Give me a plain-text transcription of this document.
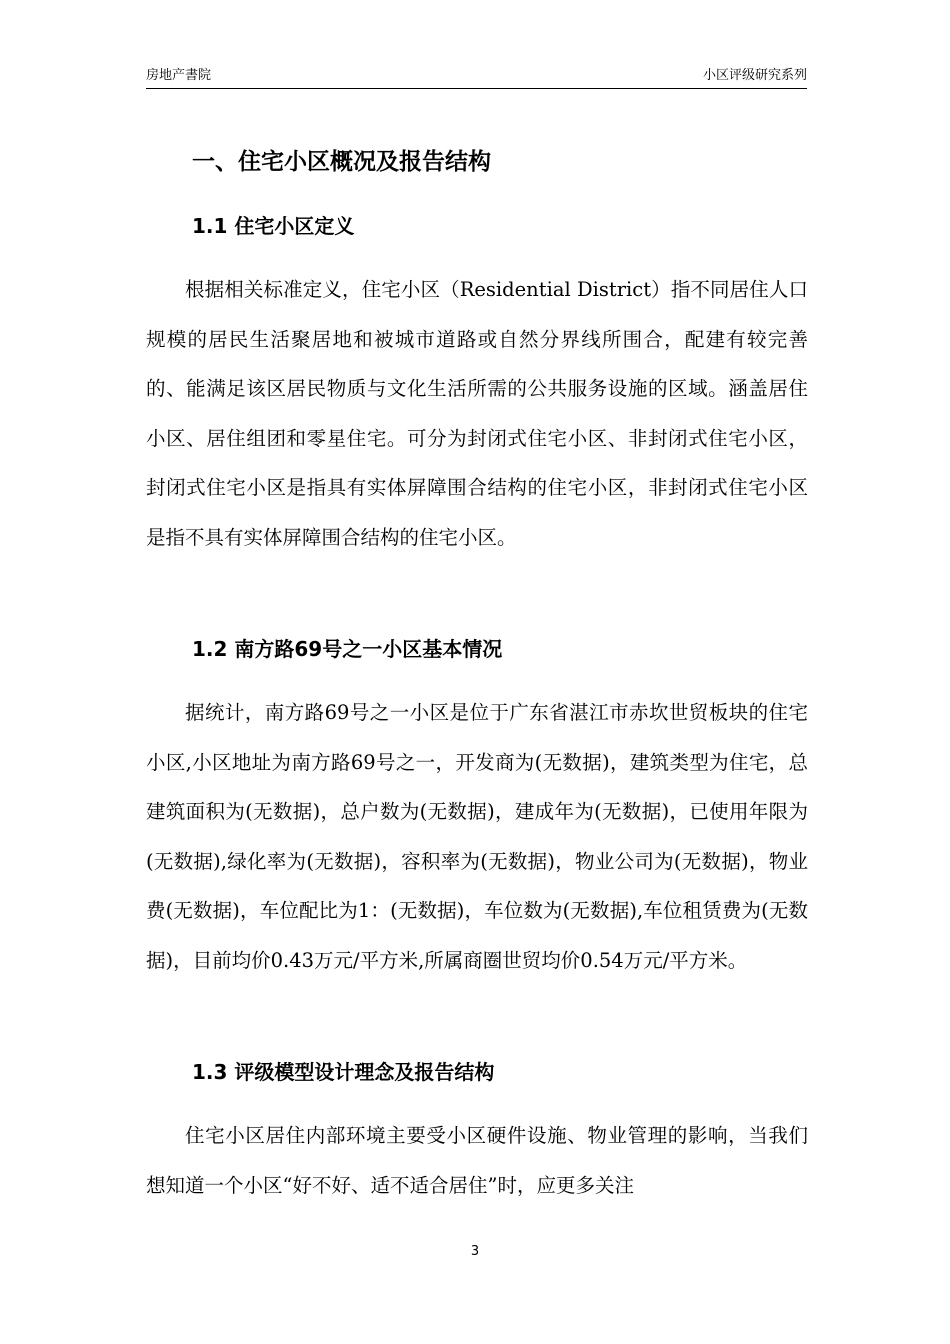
房地产書院	小区评级研究系列
一、住宅小区概况及报告结构
1.1 住宅小区定义

根据相关标准定义，住宅小区（Residential District）指不同居住人口规模的居民生活聚居地和被城市道路或自然分界线所围合，配建有较完善的、能满足该区居民物质与文化生活所需的公共服务设施的区域。涵盖居住小区、居住组团和零星住宅。可分为封闭式住宅小区、非封闭式住宅小区，封闭式住宅小区是指具有实体屏障围合结构的住宅小区，非封闭式住宅小区是指不具有实体屏障围合结构的住宅小区。

1.2 南方路69号之一小区基本情况

据统计，南方路69号之一小区是位于广东省湛江市赤坎世贸板块的住宅小区,小区地址为南方路69号之一，开发商为(无数据)，建筑类型为住宅，总建筑面积为(无数据)，总户数为(无数据)，建成年为(无数据)，已使用年限为(无数据),绿化率为(无数据)，容积率为(无数据)，物业公司为(无数据)，物业费(无数据)，车位配比为1：(无数据)，车位数为(无数据),车位租赁费为(无数据)，目前均价0.43万元/平方米,所属商圈世贸均价0.54万元/平方米。

1.3 评级模型设计理念及报告结构

住宅小区居住内部环境主要受小区硬件设施、物业管理的影响，当我们想知道一个小区“好不好、适不适合居住”时，应更多关注

3
